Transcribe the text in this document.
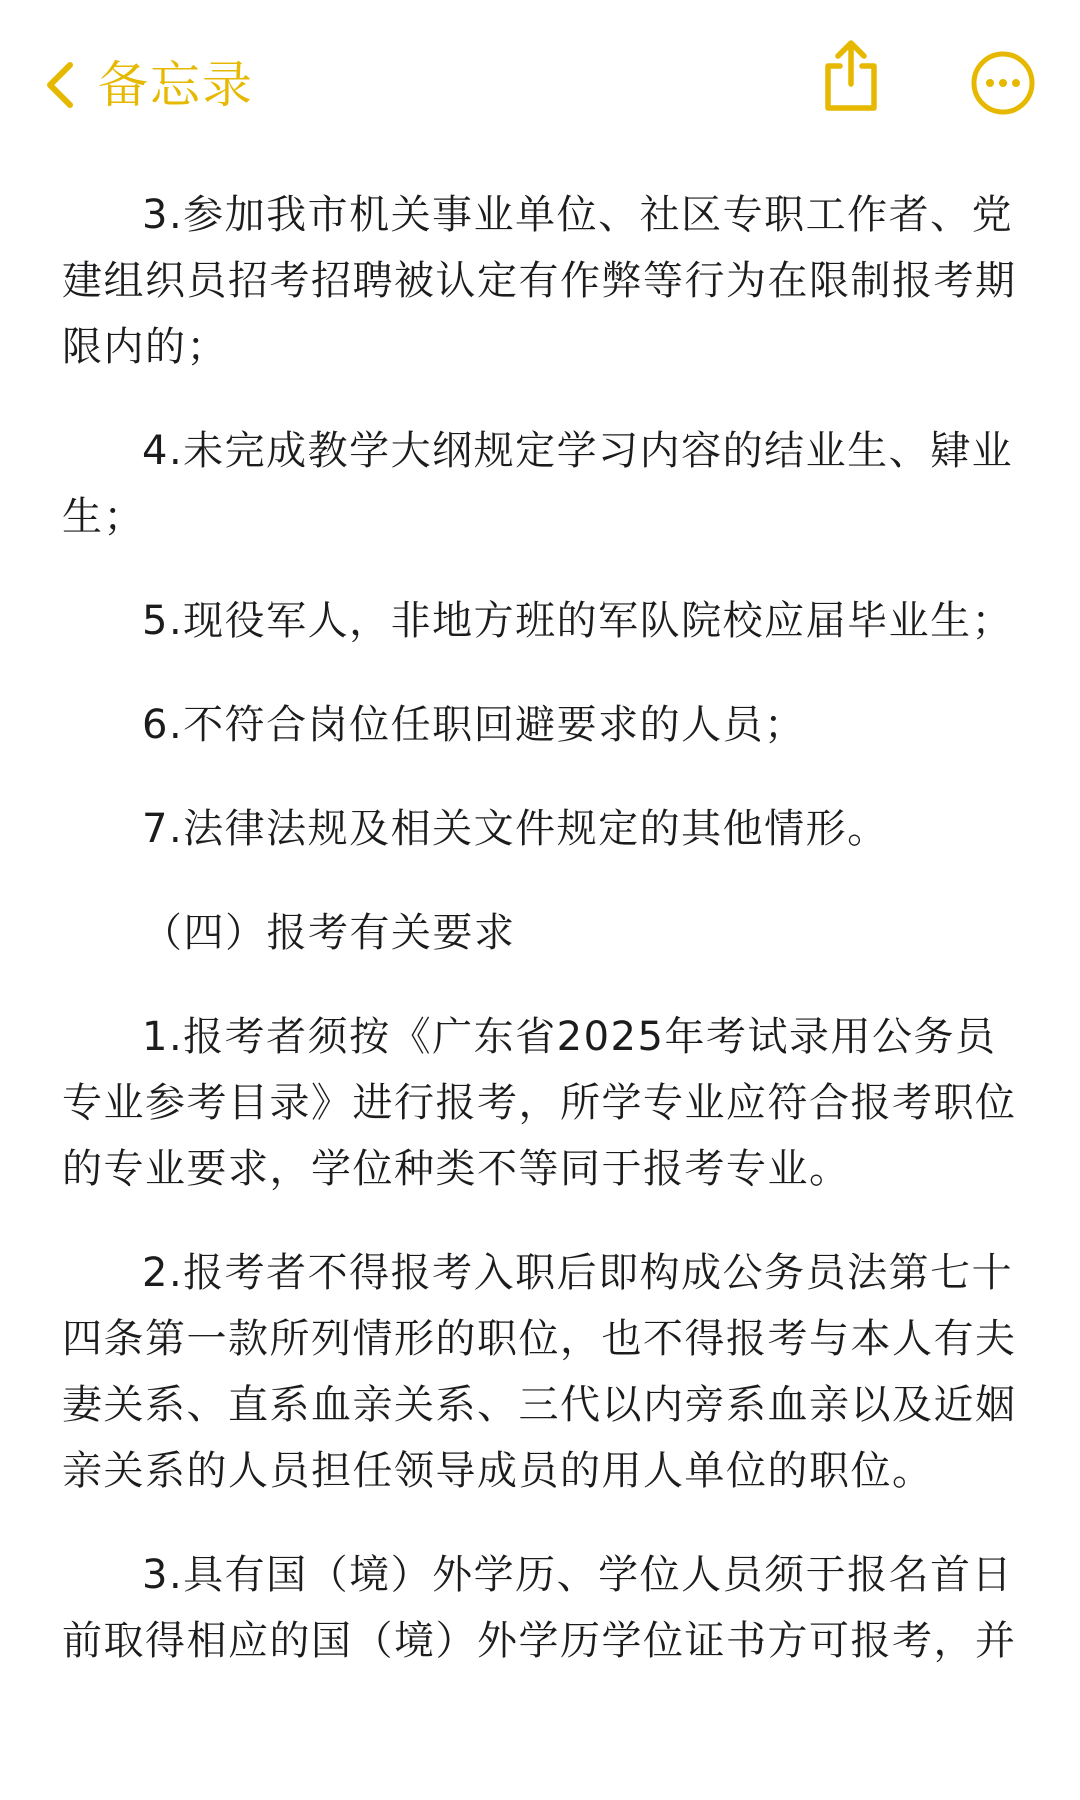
备忘录

3.参加我市机关事业单位、社区专职工作者、党建组织员招考招聘被认定有作弊等行为在限制报考期限内的；

4.未完成教学大纲规定学习内容的结业生、肄业生；

5.现役军人，非地方班的军队院校应届毕业生；

6.不符合岗位任职回避要求的人员；

7.法律法规及相关文件规定的其他情形。

（四）报考有关要求

1.报考者须按《广东省2025年考试录用公务员专业参考目录》进行报考，所学专业应符合报考职位的专业要求，学位种类不等同于报考专业。

2.报考者不得报考入职后即构成公务员法第七十四条第一款所列情形的职位，也不得报考与本人有夫妻关系、直系血亲关系、三代以内旁系血亲以及近姻亲关系的人员担任领导成员的用人单位的职位。

3.具有国（境）外学历、学位人员须于报名首日前取得相应的国（境）外学历学位证书方可报考，并
